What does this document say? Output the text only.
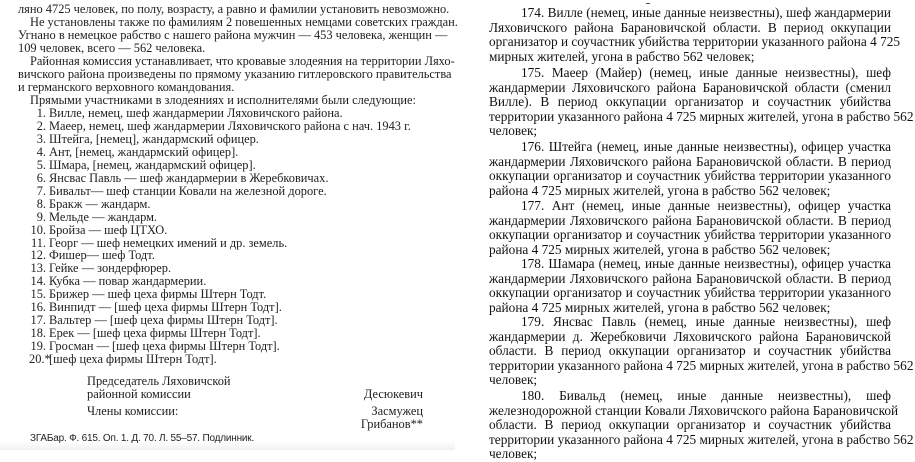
ляно 4725 человек, по полу, возрасту, а равно и фамилии установить невозможно.
Не установлены также по фамилиям 2 повешенных немцами советских граждан.
Угнано в немецкое рабство с нашего района мужчин — 453 человека, женщин —
109 человек, всего — 562 человека.
Районная комиссия устанавливает, что кровавые злодеяния на территории Ляхо-
вичского района произведены по прямому указанию гитлеровского правительства
и германского верховного командования.
Прямыми участниками в злодеяниях и исполнителями были следующие:
1. Вилле, немец, шеф жандармерии Ляховичского района.
2. Маеер, немец, шеф жандармерии Ляховичского района с нач. 1943 г.
3. Штейга, [немец], жандармский офицер.
4. Ант, [немец, жандармский офицер].
5. Шмара, [немец, жандармский офицер].
6. Янсвас Павль — шеф жандармерии в Жеребковичах.
7. Бивальт— шеф станции Ковали на железной дороге.
8. Бракж — жандарм.
9. Мельде — жандарм.
10. Бройза — шеф ЦТХО.
11. Георг — шеф немецких имений и др. земель.
12. Фишер— шеф Тодт.
13. Гейке — зондерфюрер.
14. Кубка — повар жандармерии.
15. Брижер — шеф цеха фирмы Штерн Тодт.
16. Винпидт — [шеф цеха фирмы Штерн Тодт].
17. Вальтер — [шеф цеха фирмы Штерн Тодт].
18. Ерек — [шеф цеха фирмы Штерн Тодт].
19. Гросман — [шеф цеха фирмы Штерн Тодт].
20.*[шеф цеха фирмы Штерн Тодт].
Председатель Ляховичской
районной комиссии	Десюкевич
Члены комиссии:	Засмужец
Грибанов**
ЗГАБар. Ф. 615. Оп. 1. Д. 70. Л. 55–57. Подлинник.
174. Вилле (немец, иные данные неизвестны), шеф жандармерии
Ляховичского района Барановичской области. В период оккупации
организатор и соучастник убийства территории указанного района 4 725
мирных жителей, угона в рабство 562 человек;
175. Маеер (Майер) (немец, иные данные неизвестны), шеф
жандармерии Ляховичского района Барановичской области (сменил
Вилле). В период оккупации организатор и соучастник убийства
территории указанного района 4 725 мирных жителей, угона в рабство 562
человек;
176. Штейга (немец, иные данные неизвестны), офицер участка
жандармерии Ляховичского района Барановичской области. В период
оккупации организатор и соучастник убийства территории указанного
района 4 725 мирных жителей, угона в рабство 562 человек;
177. Ант (немец, иные данные неизвестны), офицер участка
жандармерии Ляховичского района Барановичской области. В период
оккупации организатор и соучастник убийства территории указанного
района 4 725 мирных жителей, угона в рабство 562 человек;
178. Шамара (немец, иные данные неизвестны), офицер участка
жандармерии Ляховичского района Барановичской области. В период
оккупации организатор и соучастник убийства территории указанного
района 4 725 мирных жителей, угона в рабство 562 человек;
179. Янсвас Павль (немец, иные данные неизвестны), шеф
жандармерии д. Жеребковичи Ляховичского района Барановичской
области. В период оккупации организатор и соучастник убийства
территории указанного района 4 725 мирных жителей, угона в рабство 562
человек;
180. Бивальд (немец, иные данные неизвестны), шеф
железнодорожной станции Ковали Ляховичского района Барановичской
области. В период оккупации организатор и соучастник убийства
территории указанного района 4 725 мирных жителей, угона в рабство 562
человек;
